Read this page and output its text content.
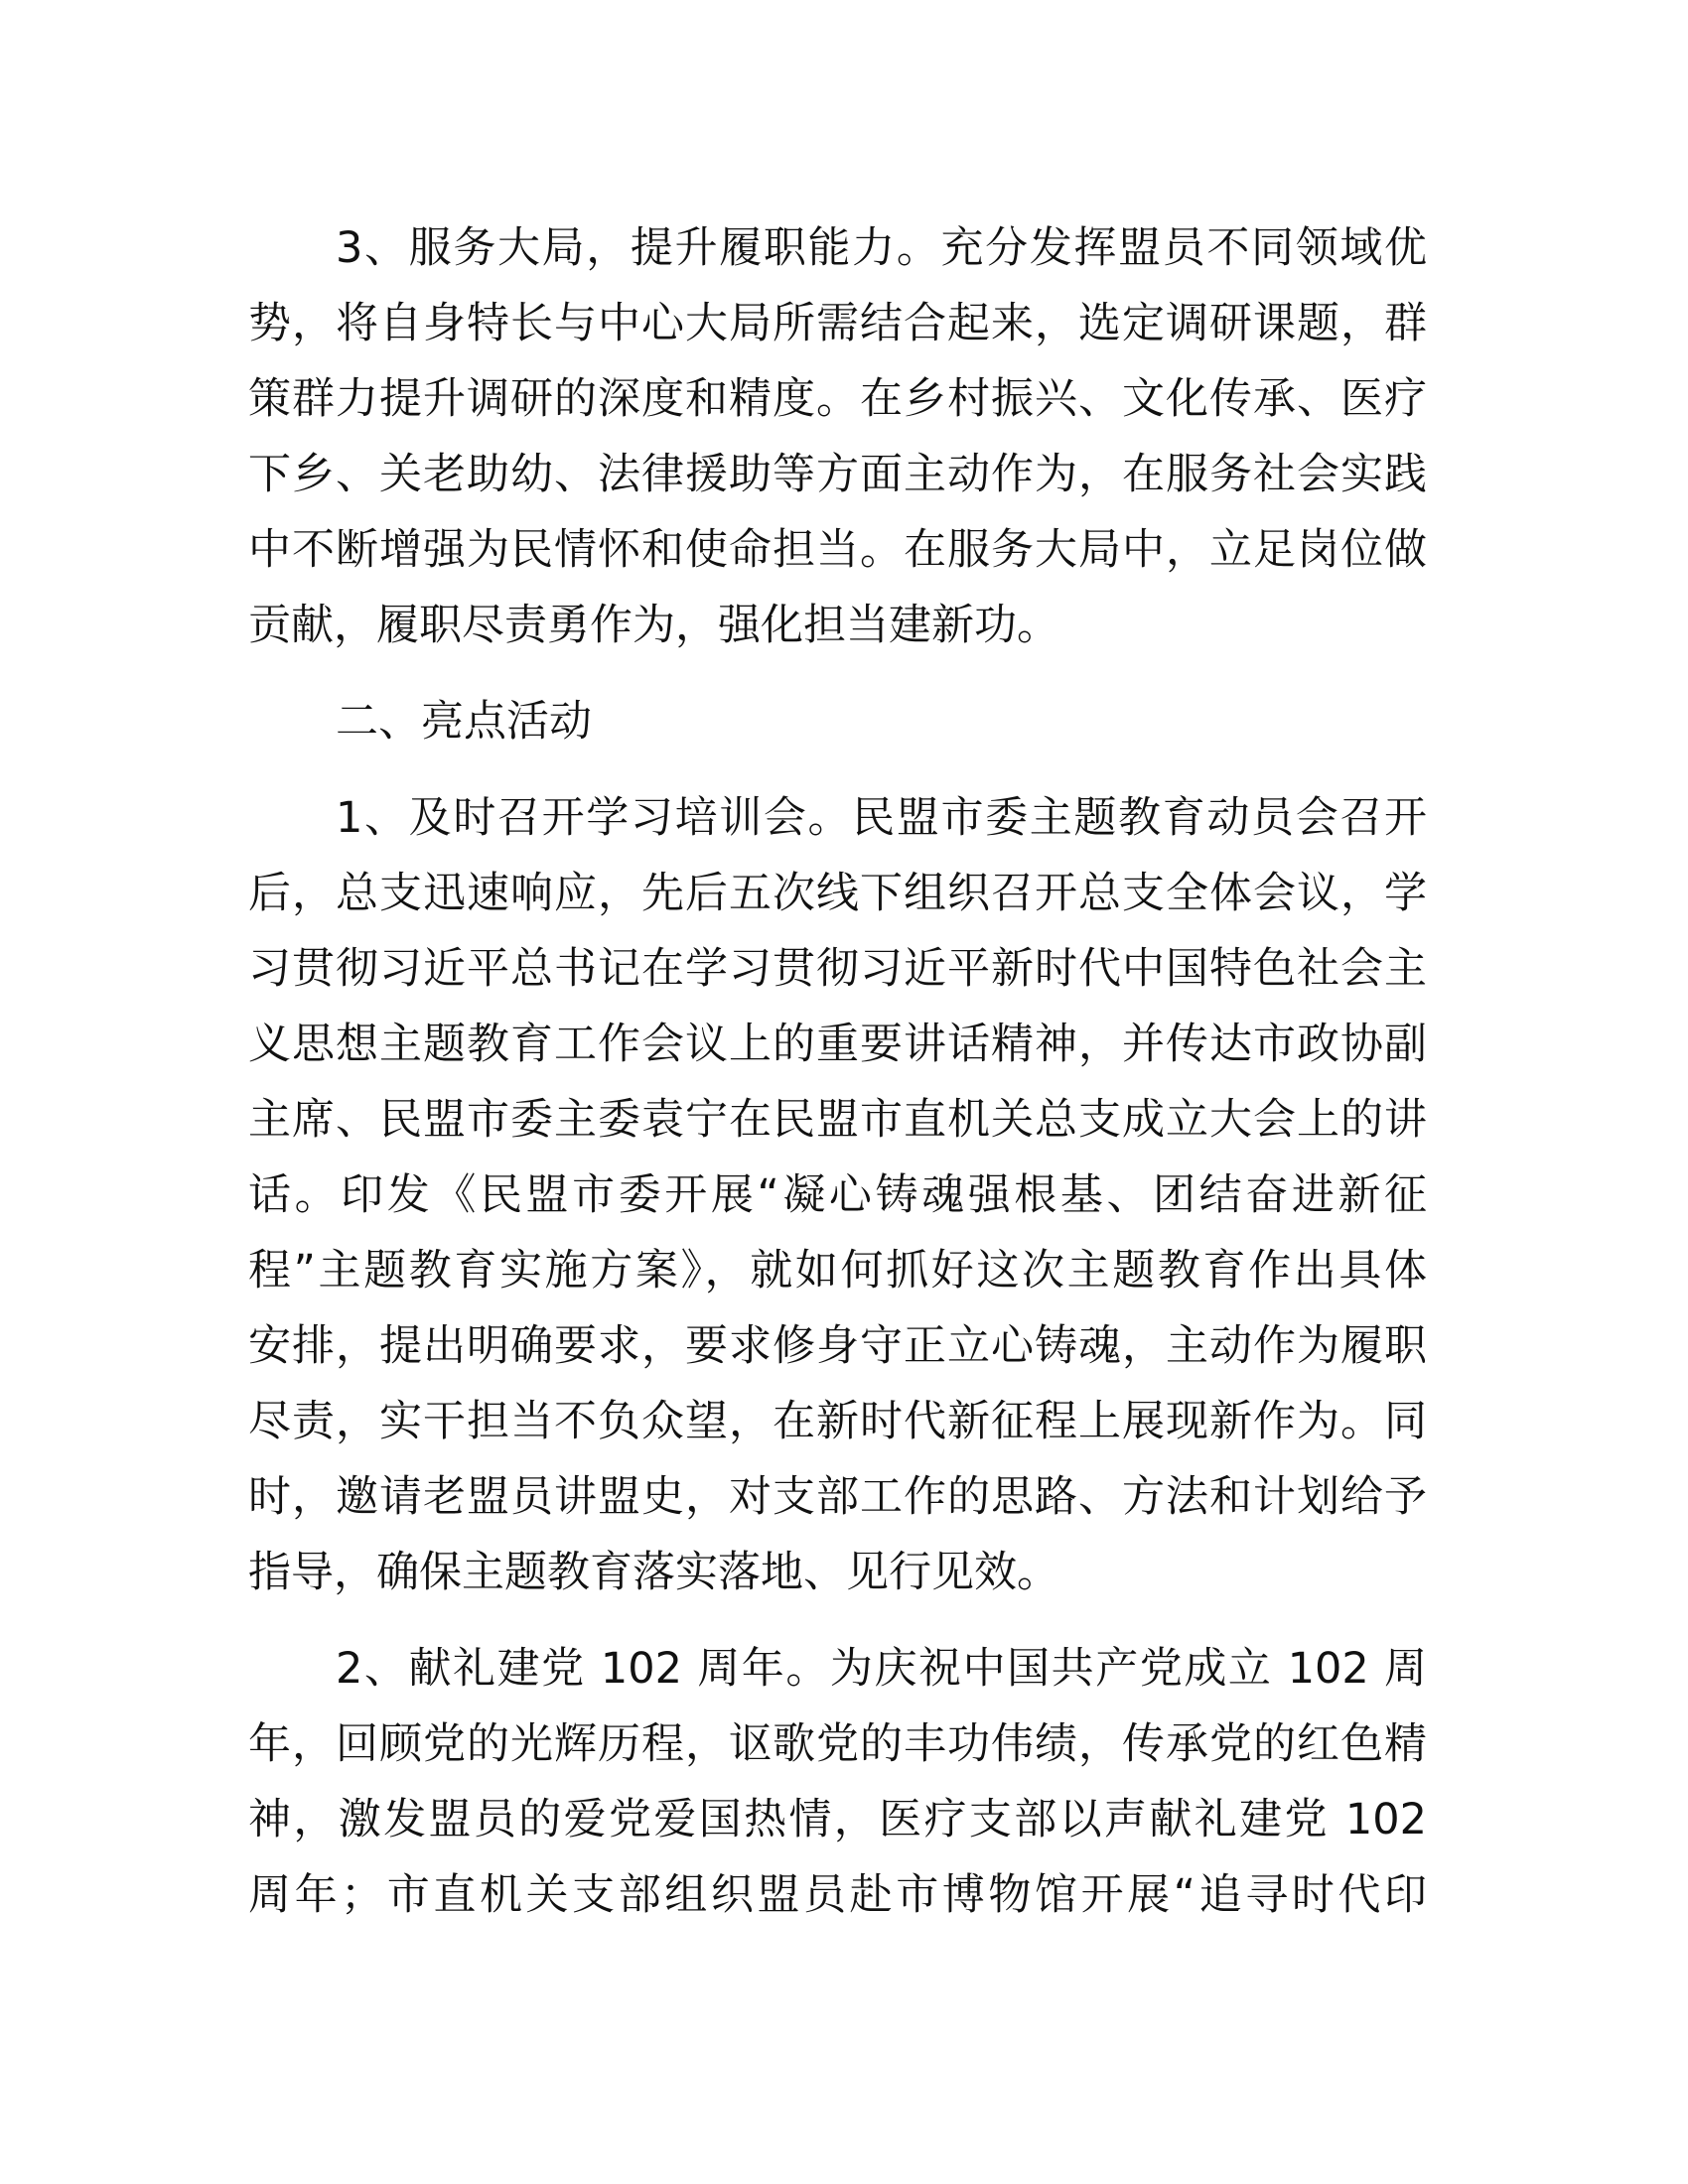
3、服务大局，提升履职能力。充分发挥盟员不同领域优
势，将自身特长与中心大局所需结合起来，选定调研课题，群
策群力提升调研的深度和精度。在乡村振兴、文化传承、医疗
下乡、关老助幼、法律援助等方面主动作为，在服务社会实践
中不断增强为民情怀和使命担当。在服务大局中，立足岗位做
贡献，履职尽责勇作为，强化担当建新功。
二、亮点活动
1、及时召开学习培训会。民盟市委主题教育动员会召开
后，总支迅速响应，先后五次线下组织召开总支全体会议，学
习贯彻习近平总书记在学习贯彻习近平新时代中国特色社会主
义思想主题教育工作会议上的重要讲话精神，并传达市政协副
主席、民盟市委主委袁宁在民盟市直机关总支成立大会上的讲
话。印发《民盟市委开展“凝心铸魂强根基、团结奋进新征
程”主题教育实施方案》，就如何抓好这次主题教育作出具体
安排，提出明确要求，要求修身守正立心铸魂，主动作为履职
尽责，实干担当不负众望，在新时代新征程上展现新作为。同
时，邀请老盟员讲盟史，对支部工作的思路、方法和计划给予
指导，确保主题教育落实落地、见行见效。
2、献礼建党 102 周年。为庆祝中国共产党成立 102 周
年，回顾党的光辉历程，讴歌党的丰功伟绩，传承党的红色精
神，激发盟员的爱党爱国热情，医疗支部以声献礼建党 102
周年；市直机关支部组织盟员赴市博物馆开展“追寻时代印
